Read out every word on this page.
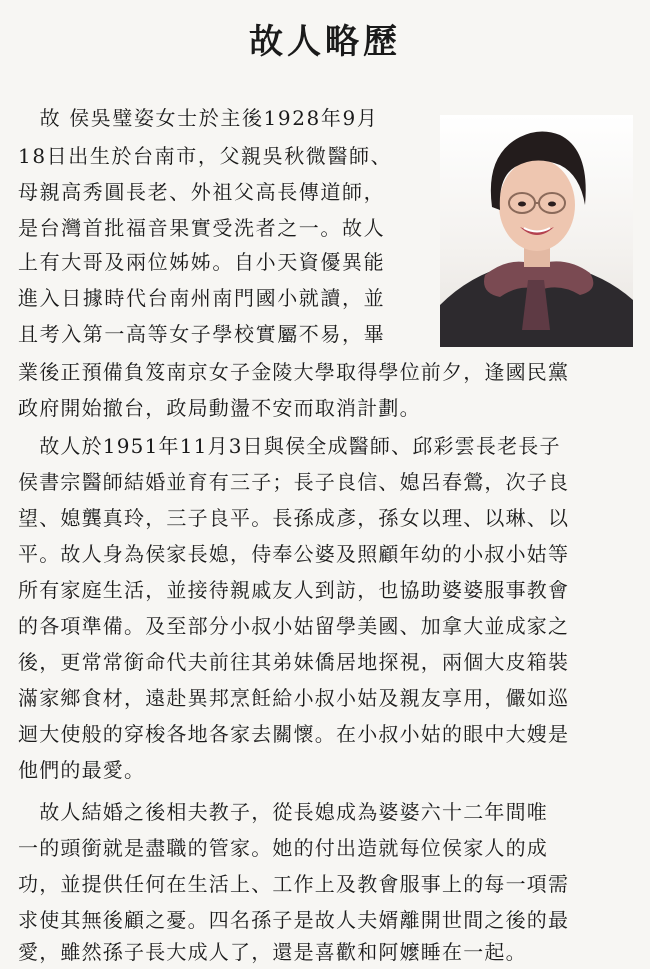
故人略歷

　故 侯吳璧姿女士於主後1928年9月

18日出生於台南市，父親吳秋微醫師、

母親高秀圓長老、外祖父高長傳道師，

是台灣首批福音果實受洗者之一。故人

上有大哥及兩位姊姊。自小天資優異能

進入日據時代台南州南門國小就讀，並

且考入第一高等女子學校實屬不易，畢

業後正預備負笈南京女子金陵大學取得學位前夕，逢國民黨

政府開始撤台，政局動盪不安而取消計劃。

　故人於1951年11月3日與侯全成醫師、邱彩雲長老長子

侯書宗醫師結婚並育有三子；長子良信、媳呂春鶯，次子良

望、媳龔真玲，三子良平。長孫成彥，孫女以理、以琳、以

平。故人身為侯家長媳，侍奉公婆及照顧年幼的小叔小姑等

所有家庭生活，並接待親戚友人到訪，也協助婆婆服事教會

的各項準備。及至部分小叔小姑留學美國、加拿大並成家之

後，更常常銜命代夫前往其弟妹僑居地探視，兩個大皮箱裝

滿家鄉食材，遠赴異邦烹飪給小叔小姑及親友享用，儼如巡

迴大使般的穿梭各地各家去關懷。在小叔小姑的眼中大嫂是

他們的最愛。

　故人結婚之後相夫教子，從長媳成為婆婆六十二年間唯

一的頭銜就是盡職的管家。她的付出造就每位侯家人的成

功，並提供任何在生活上、工作上及教會服事上的每一項需

求使其無後顧之憂。四名孫子是故人夫婿離開世間之後的最

愛，雖然孫子長大成人了，還是喜歡和阿嬤睡在一起。
